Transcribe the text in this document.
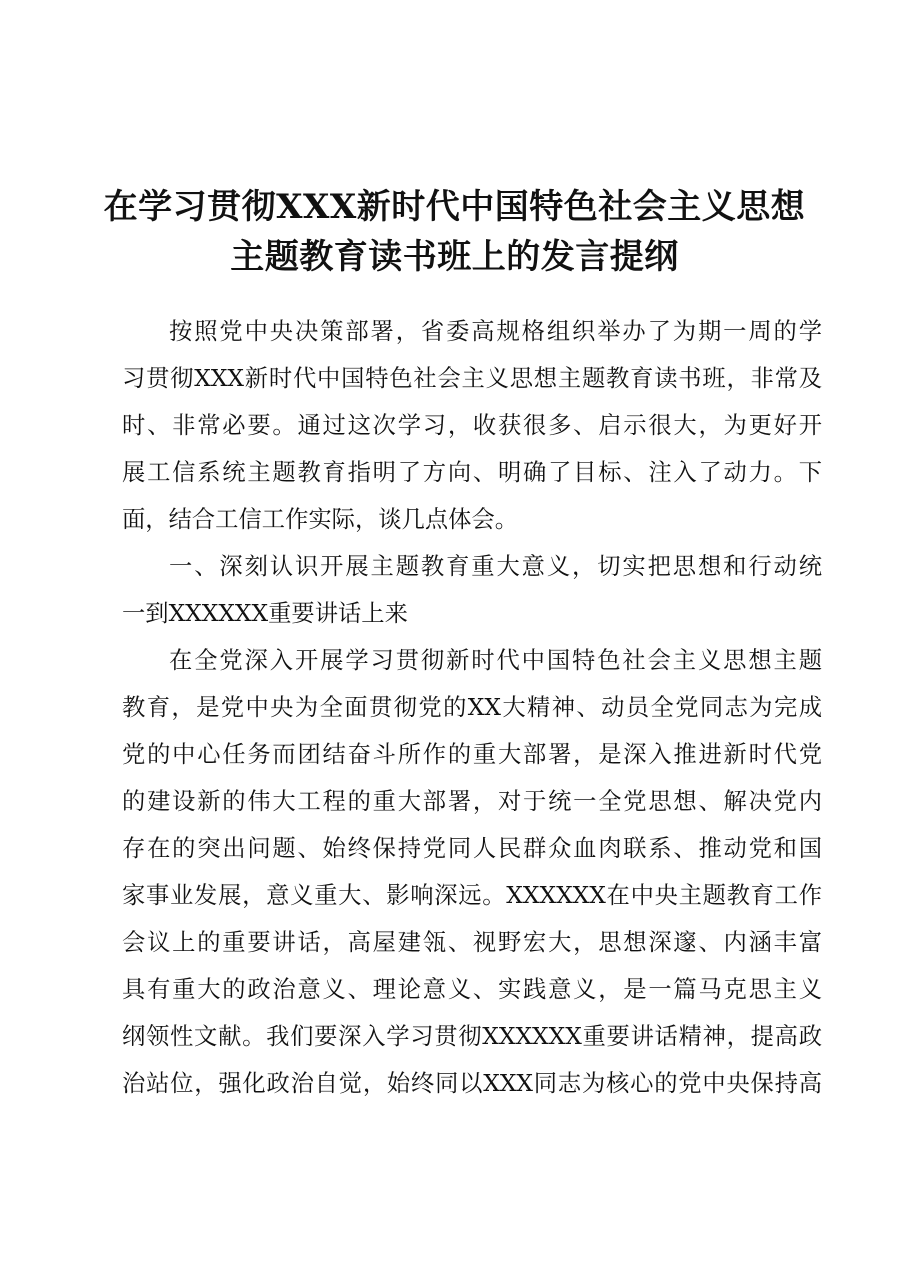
在学习贯彻XXX新时代中国特色社会主义思想
主题教育读书班上的发言提纲
按照党中央决策部署，省委高规格组织举办了为期一周的学
习贯彻XXX新时代中国特色社会主义思想主题教育读书班，非常及
时、非常必要。通过这次学习，收获很多、启示很大，为更好开
展工信系统主题教育指明了方向、明确了目标、注入了动力。下
面，结合工信工作实际，谈几点体会。
一、深刻认识开展主题教育重大意义，切实把思想和行动统
一到XXXXXX重要讲话上来
在全党深入开展学习贯彻新时代中国特色社会主义思想主题
教育，是党中央为全面贯彻党的XX大精神、动员全党同志为完成
党的中心任务而团结奋斗所作的重大部署，是深入推进新时代党
的建设新的伟大工程的重大部署，对于统一全党思想、解决党内
存在的突出问题、始终保持党同人民群众血肉联系、推动党和国
家事业发展，意义重大、影响深远。XXXXXX在中央主题教育工作
会议上的重要讲话，高屋建瓴、视野宏大，思想深邃、内涵丰富
具有重大的政治意义、理论意义、实践意义，是一篇马克思主义
纲领性文献。我们要深入学习贯彻XXXXXX重要讲话精神，提高政
治站位，强化政治自觉，始终同以XXX同志为核心的党中央保持高
